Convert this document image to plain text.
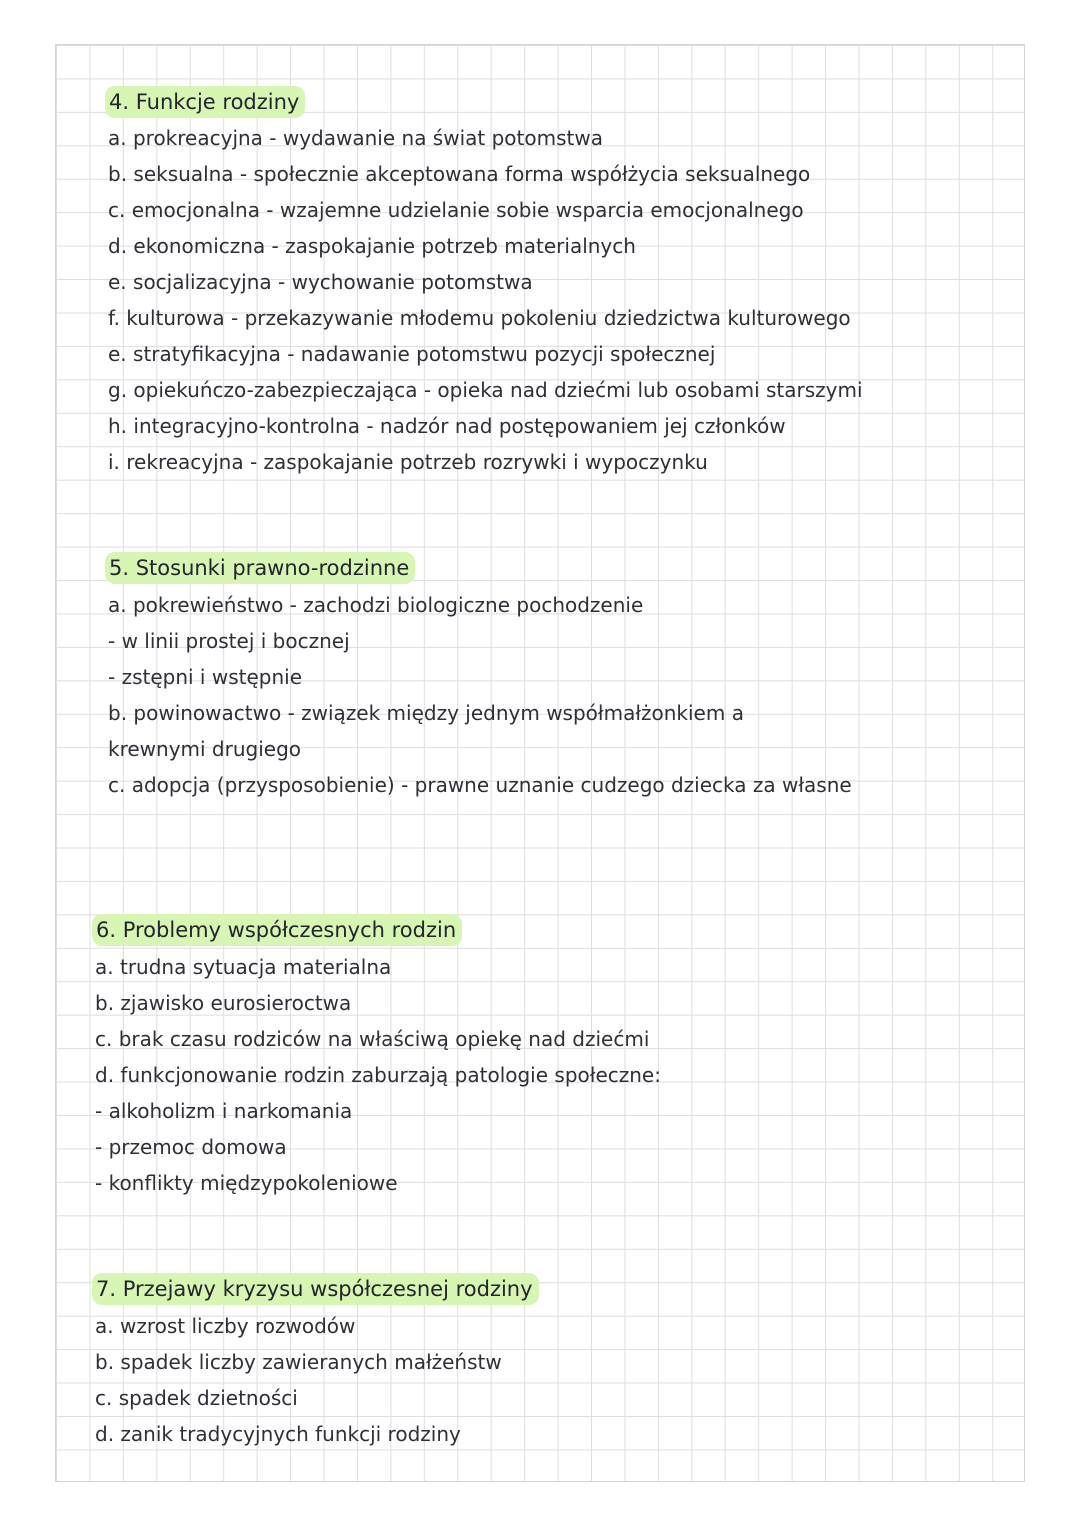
4. Funkcje rodziny
a. prokreacyjna - wydawanie na świat potomstwa
b. seksualna - społecznie akceptowana forma współżycia seksualnego
c. emocjonalna - wzajemne udzielanie sobie wsparcia emocjonalnego
d. ekonomiczna - zaspokajanie potrzeb materialnych
e. socjalizacyjna - wychowanie potomstwa
f. kulturowa - przekazywanie młodemu pokoleniu dziedzictwa kulturowego
e. stratyfikacyjna - nadawanie potomstwu pozycji społecznej
g. opiekuńczo-zabezpieczająca - opieka nad dziećmi lub osobami starszymi
h. integracyjno-kontrolna - nadzór nad postępowaniem jej członków
i. rekreacyjna - zaspokajanie potrzeb rozrywki i wypoczynku
5. Stosunki prawno-rodzinne
a. pokrewieństwo - zachodzi biologiczne pochodzenie
- w linii prostej i bocznej
- zstępni i wstępnie
b. powinowactwo - związek między jednym współmałżonkiem a
krewnymi drugiego
c. adopcja (przysposobienie) - prawne uznanie cudzego dziecka za własne
6. Problemy współczesnych rodzin
a. trudna sytuacja materialna
b. zjawisko eurosieroctwa
c. brak czasu rodziców na właściwą opiekę nad dziećmi
d. funkcjonowanie rodzin zaburzają patologie społeczne:
- alkoholizm i narkomania
- przemoc domowa
- konflikty międzypokoleniowe
7. Przejawy kryzysu współczesnej rodziny
a. wzrost liczby rozwodów
b. spadek liczby zawieranych małżeństw
c. spadek dzietności
d. zanik tradycyjnych funkcji rodziny
